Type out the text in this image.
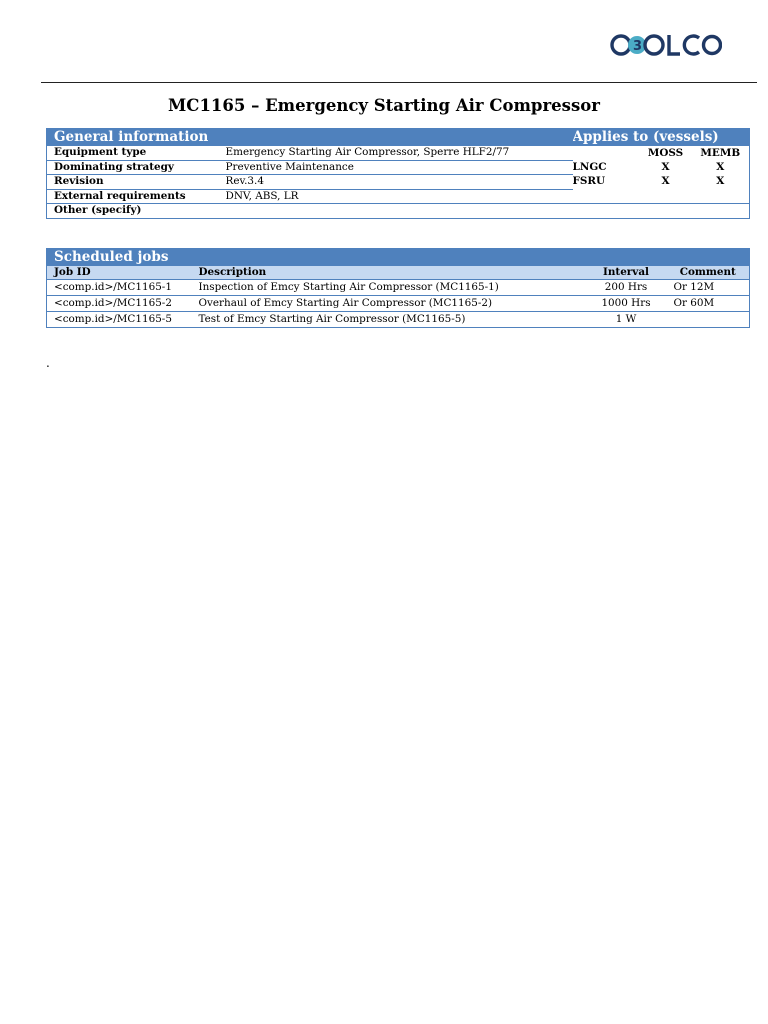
3
MC1165 – Emergency Starting Air Compressor
General information		Applies to (vessels)		
Equipment type	Emergency Starting Air Compressor, Sperre HLF2/77		MOSS	MEMB
Dominating strategy	Preventive Maintenance	LNGC	X	X
Revision	Rev.3.4	FSRU	X	X
External requirements	DNV, ABS, LR			
Other (specify)				
Scheduled jobs			
Job ID	Description	Interval	Comment
<comp.id>/MC1165-1	Inspection of Emcy Starting Air Compressor (MC1165-1)	200 Hrs	Or 12M
<comp.id>/MC1165-2	Overhaul of Emcy Starting Air Compressor (MC1165-2)	1000 Hrs	Or 60M
<comp.id>/MC1165-5	Test of Emcy Starting Air Compressor (MC1165-5)	1 W	
.
